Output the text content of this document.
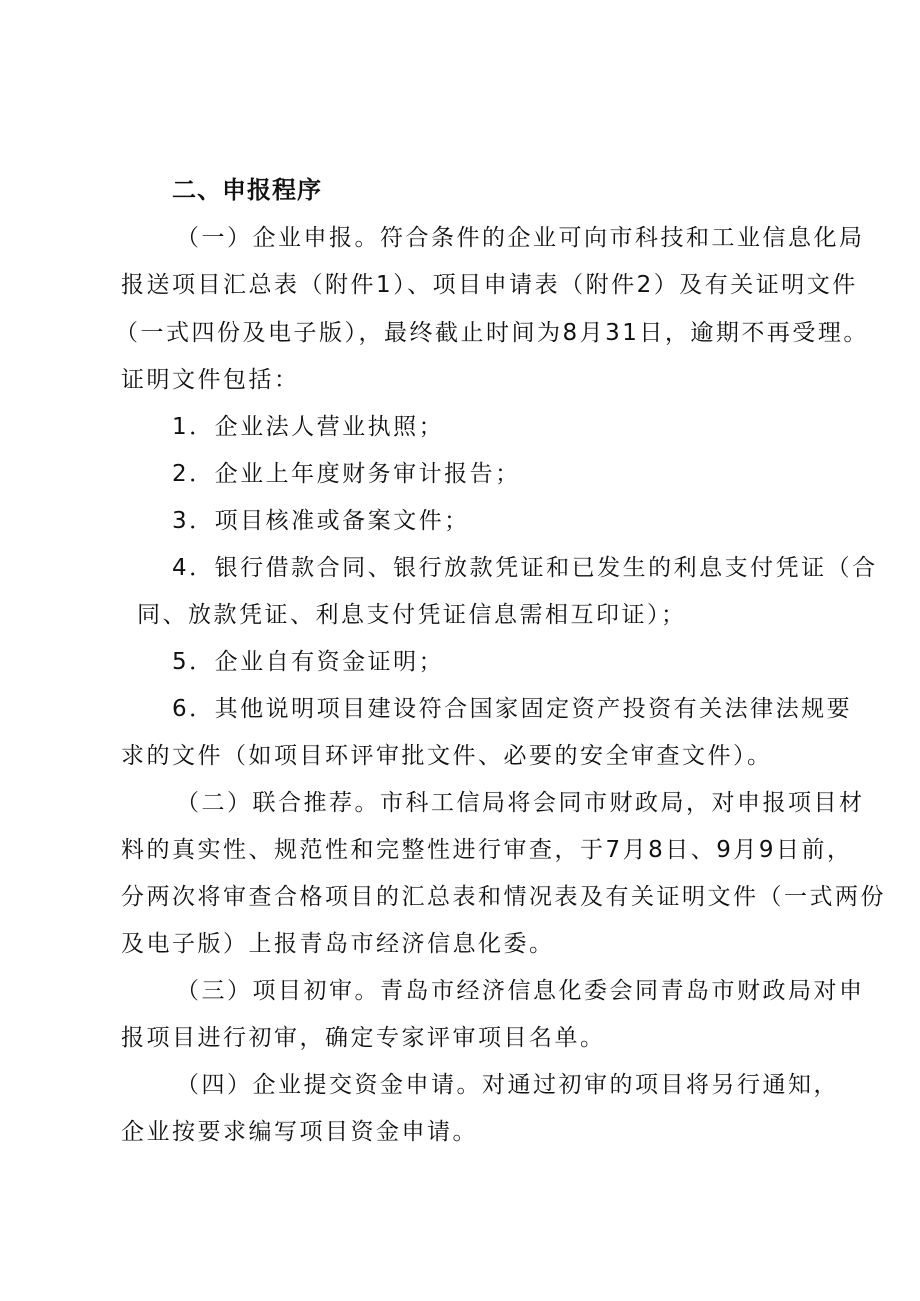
二、申报程序
（一）企业申报。符合条件的企业可向市科技和工业信息化局
报送项目汇总表（附件1）、项目申请表（附件2）及有关证明文件
（一式四份及电子版），最终截止时间为8月31日，逾期不再受理。
证明文件包括：
1．企业法人营业执照；
2．企业上年度财务审计报告；
3．项目核准或备案文件；
4．银行借款合同、银行放款凭证和已发生的利息支付凭证（合
同、放款凭证、利息支付凭证信息需相互印证）；
5．企业自有资金证明；
6．其他说明项目建设符合国家固定资产投资有关法律法规要
求的文件（如项目环评审批文件、必要的安全审查文件）。
（二）联合推荐。市科工信局将会同市财政局，对申报项目材
料的真实性、规范性和完整性进行审查，于7月8日、9月9日前，
分两次将审查合格项目的汇总表和情况表及有关证明文件（一式两份
及电子版）上报青岛市经济信息化委。
（三）项目初审。青岛市经济信息化委会同青岛市财政局对申
报项目进行初审，确定专家评审项目名单。
（四）企业提交资金申请。对通过初审的项目将另行通知，
企业按要求编写项目资金申请。
